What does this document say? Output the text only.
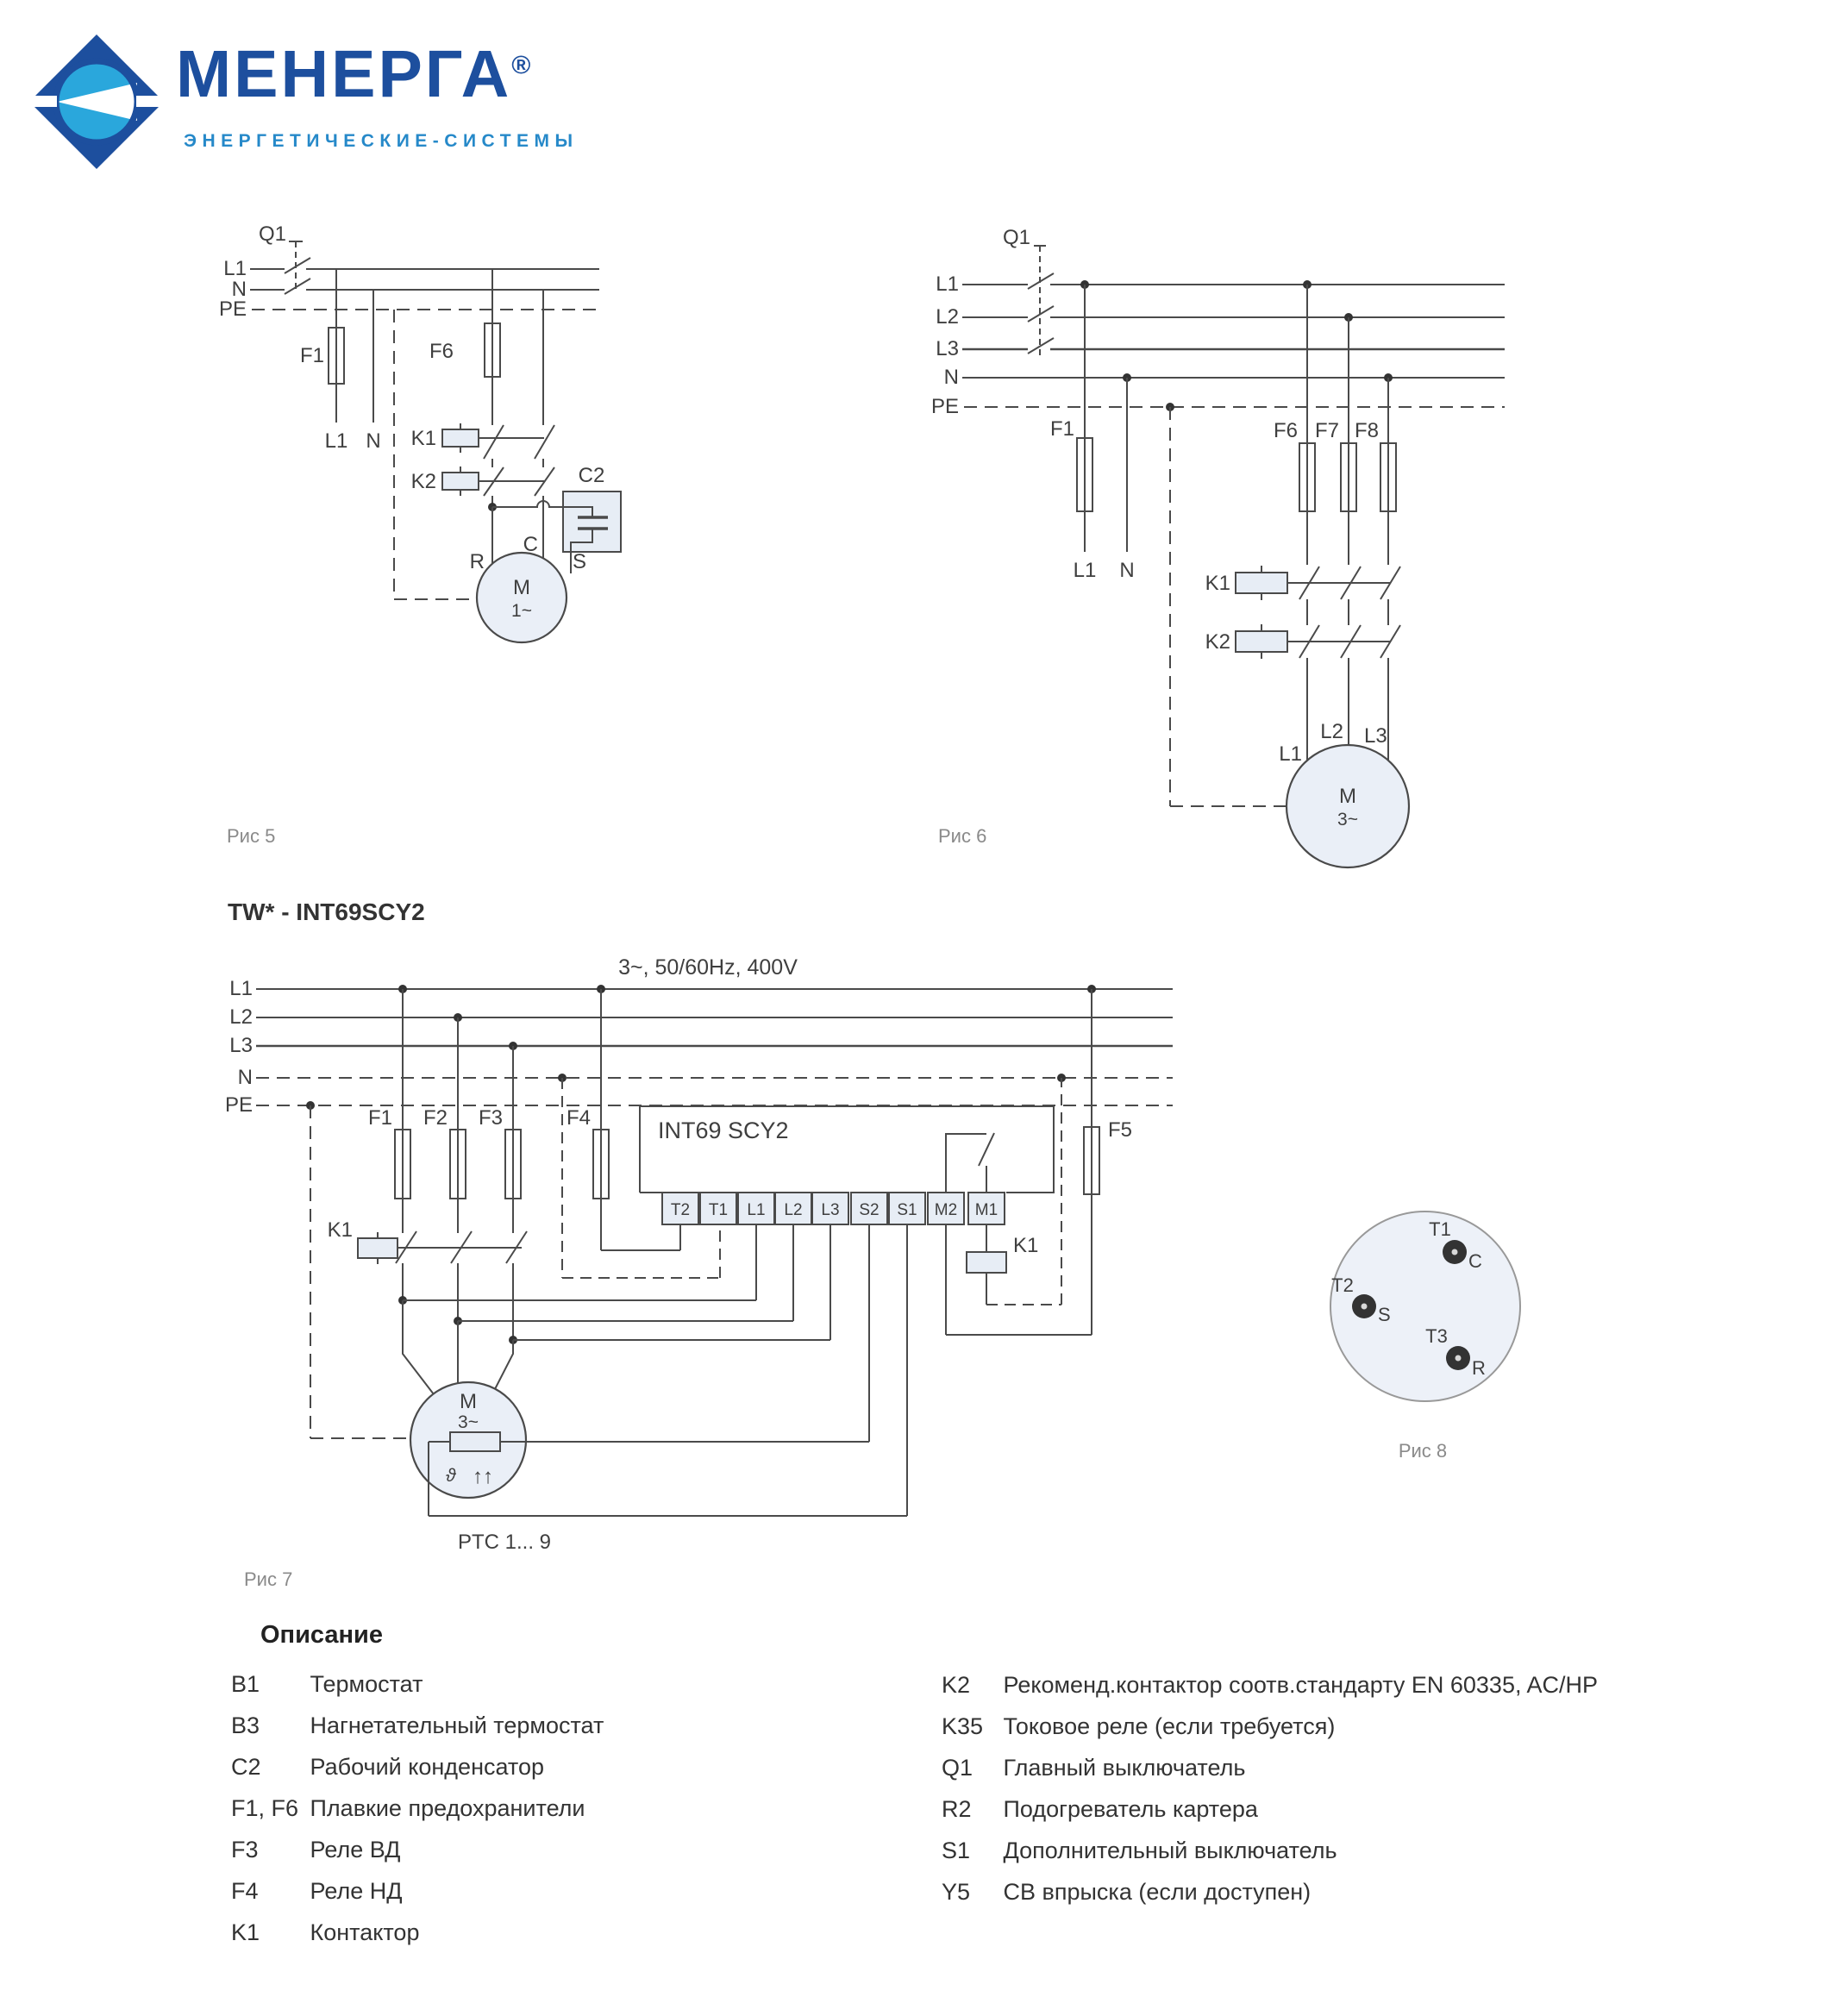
МЕНЕРГА®
ЭНЕРГЕТИЧЕСКИЕ-СИСТЕМЫ
L1
N
PE
Q1
F1	F6
L1 N K1
K2	C2
R
C
S
M
1~
Рис 5
L1
L2
L3
N
PE
Q1
F1
L1 N
F6 F7 F8
K1
K2
L1
L2 L3
M
3~
Рис 6
3~, 50/60Hz, 400V
L1
L2
L3
N
PE
F1 F2 F3	F4
F5
K1
K1
INT69 SCY2
T2 T1 L1 L2 L3 S2 S1 M2 M1
M
3~
ϑ ↑↑
PTC 1... 9
Рис 7
T1
C
T2
S
T3
R
Рис 8
TW* - INT69SCY2
Описание
B1 Термостат
B3 Нагнетательный термостат
C2 Рабочий конденсатор
F1, F6 Плавкие предохранители
F3 Реле ВД
F4 Реле НД
K1 Контактор
K2 Рекоменд.контактор соотв.стандарту EN 60335, AC/HP
K35 Токовое реле (если требуется)
Q1 Главный выключатель
R2 Подогреватель картера
S1 Дополнительный выключатель
Y5 СВ впрыска (если доступен)
